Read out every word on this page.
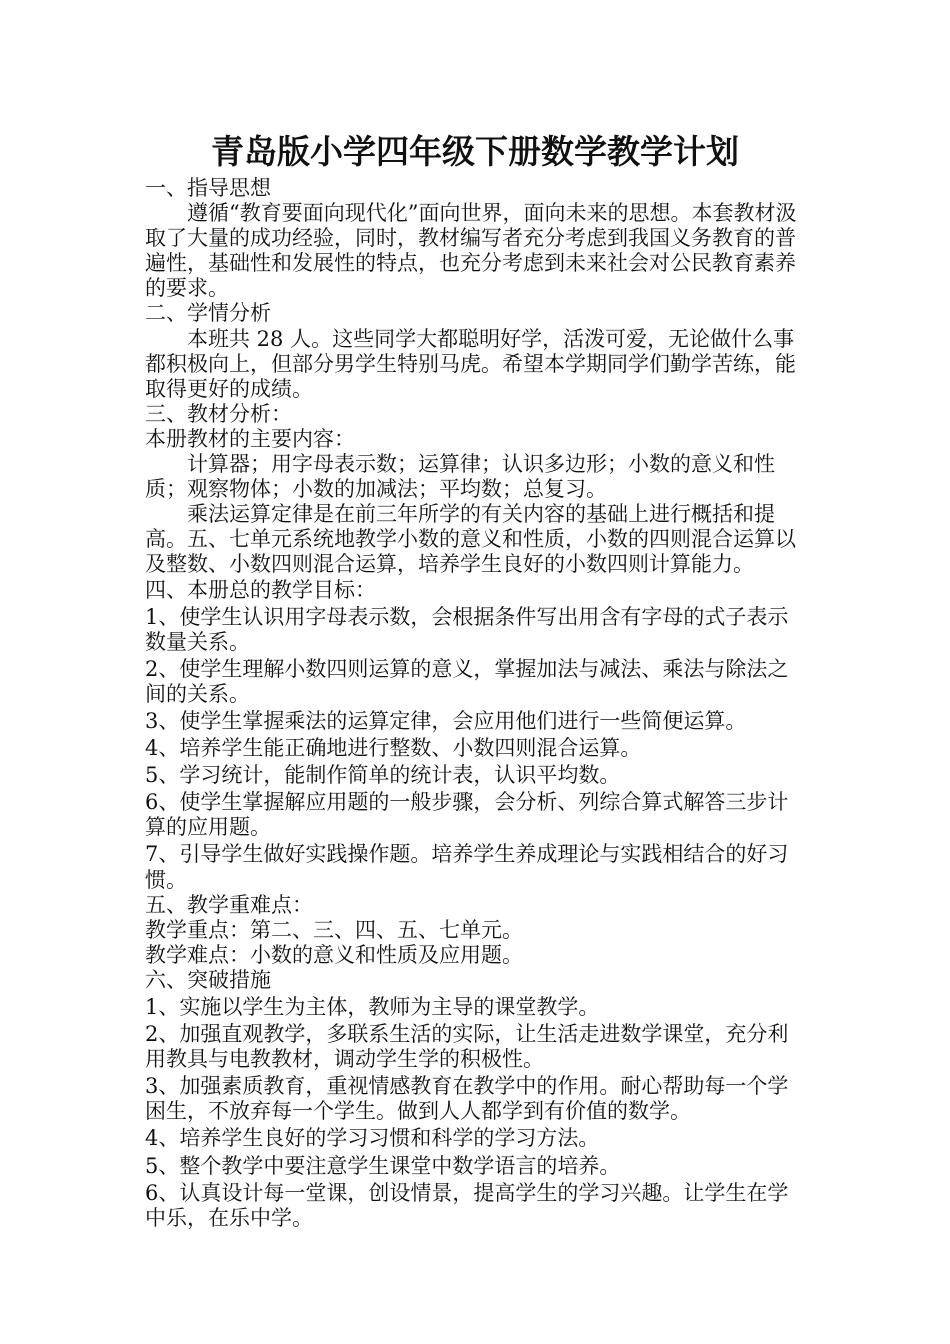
青岛版小学四年级下册数学教学计划

一、指导思想

遵循“教育要面向现代化”面向世界，面向未来的思想。本套教材汲取了大量的成功经验，同时，教材编写者充分考虑到我国义务教育的普遍性，基础性和发展性的特点，也充分考虑到未来社会对公民教育素养的要求。

二、学情分析

本班共 28 人。这些同学大都聪明好学，活泼可爱，无论做什么事都积极向上，但部分男学生特别马虎。希望本学期同学们勤学苦练，能取得更好的成绩。

三、教材分析：

本册教材的主要内容：

计算器；用字母表示数；运算律；认识多边形；小数的意义和性质；观察物体；小数的加减法；平均数；总复习。

乘法运算定律是在前三年所学的有关内容的基础上进行概括和提高。五、七单元系统地教学小数的意义和性质，小数的四则混合运算以及整数、小数四则混合运算，培养学生良好的小数四则计算能力。

四、本册总的教学目标：

1、使学生认识用字母表示数，会根据条件写出用含有字母的式子表示数量关系。

2、使学生理解小数四则运算的意义，掌握加法与减法、乘法与除法之间的关系。

3、使学生掌握乘法的运算定律，会应用他们进行一些简便运算。

4、培养学生能正确地进行整数、小数四则混合运算。

5、学习统计，能制作简单的统计表，认识平均数。

6、使学生掌握解应用题的一般步骤，会分析、列综合算式解答三步计算的应用题。

7、引导学生做好实践操作题。培养学生养成理论与实践相结合的好习惯。

五、教学重难点：

教学重点：第二、三、四、五、七单元。

教学难点：小数的意义和性质及应用题。

六、突破措施

1、实施以学生为主体，教师为主导的课堂教学。

2、加强直观教学，多联系生活的实际，让生活走进数学课堂，充分利用教具与电教教材，调动学生学的积极性。

3、加强素质教育，重视情感教育在教学中的作用。耐心帮助每一个学困生，不放弃每一个学生。做到人人都学到有价值的数学。

4、培养学生良好的学习习惯和科学的学习方法。

5、整个教学中要注意学生课堂中数学语言的培养。

6、认真设计每一堂课，创设情景，提高学生的学习兴趣。让学生在学中乐，在乐中学。
